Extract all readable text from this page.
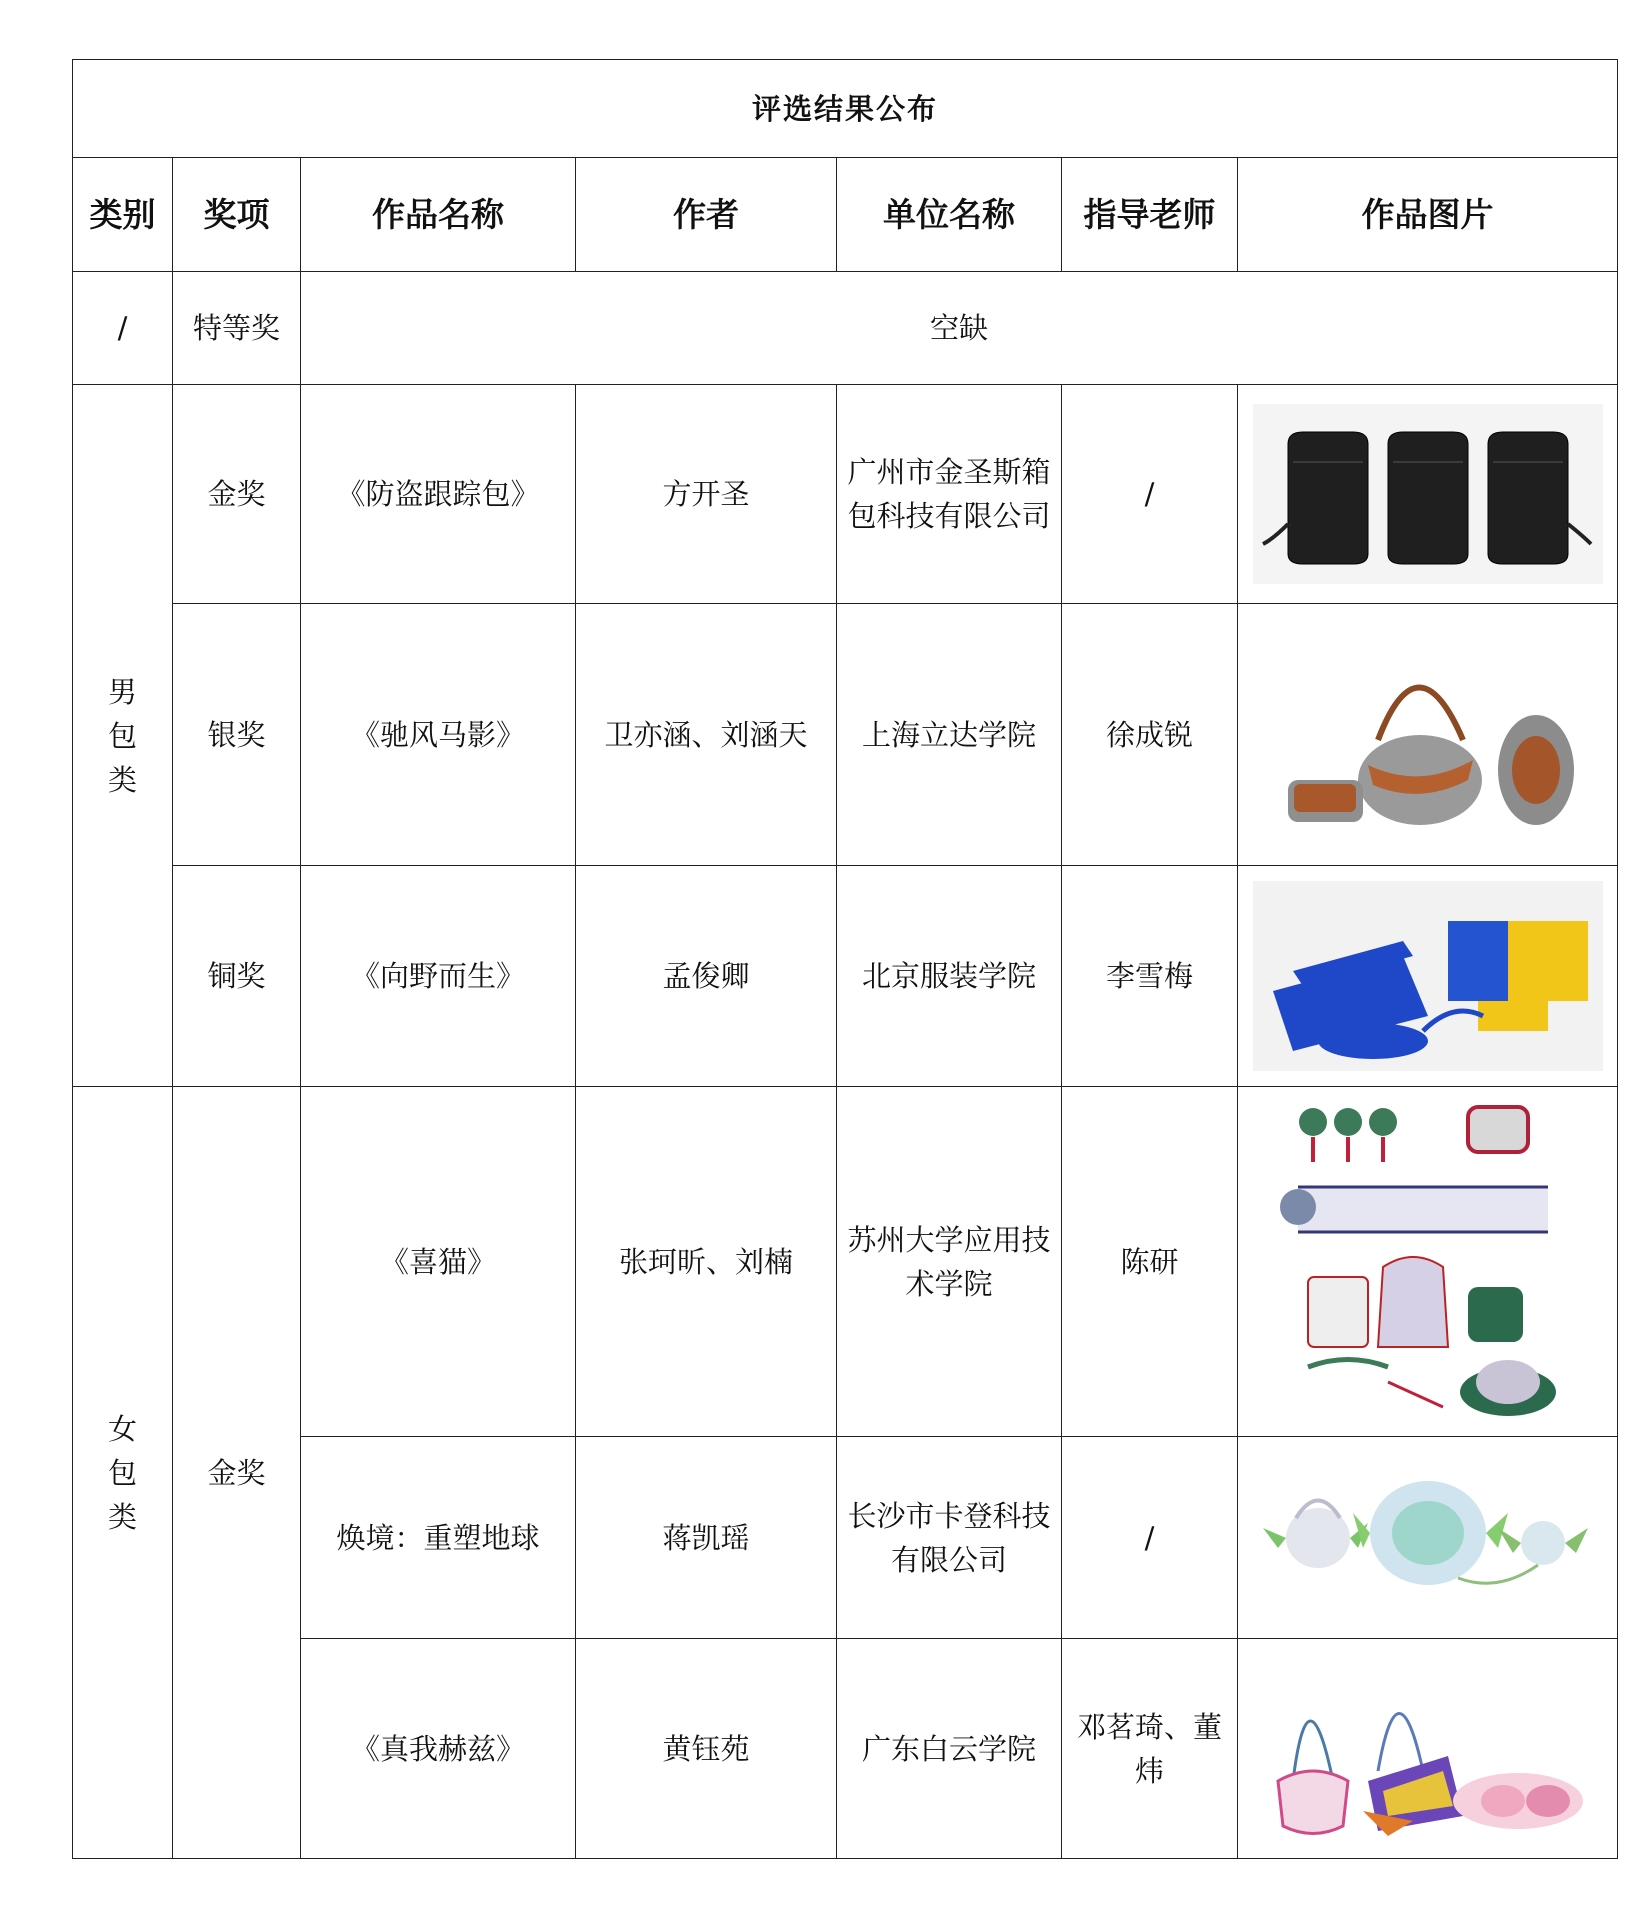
评选结果公布						
类别	奖项	作品名称	作者	单位名称	指导老师	作品图片
/	特等奖	空缺				
男包类	金奖	《防盗跟踪包》	方开圣	广州市金圣斯箱包科技有限公司	/	

	银奖	《驰风马影》	卫亦涵、刘涵天	上海立达学院	徐成锐	

	铜奖	《向野而生》	孟俊卿	北京服装学院	李雪梅	

女包类	金奖	《喜猫》	张珂昕、刘楠	苏州大学应用技术学院	陈研	

		焕境：重塑地球	蒋凯瑶	长沙市卡登科技有限公司	/	

		《真我赫兹》	黄钰苑	广东白云学院	邓茗琦、董炜	
